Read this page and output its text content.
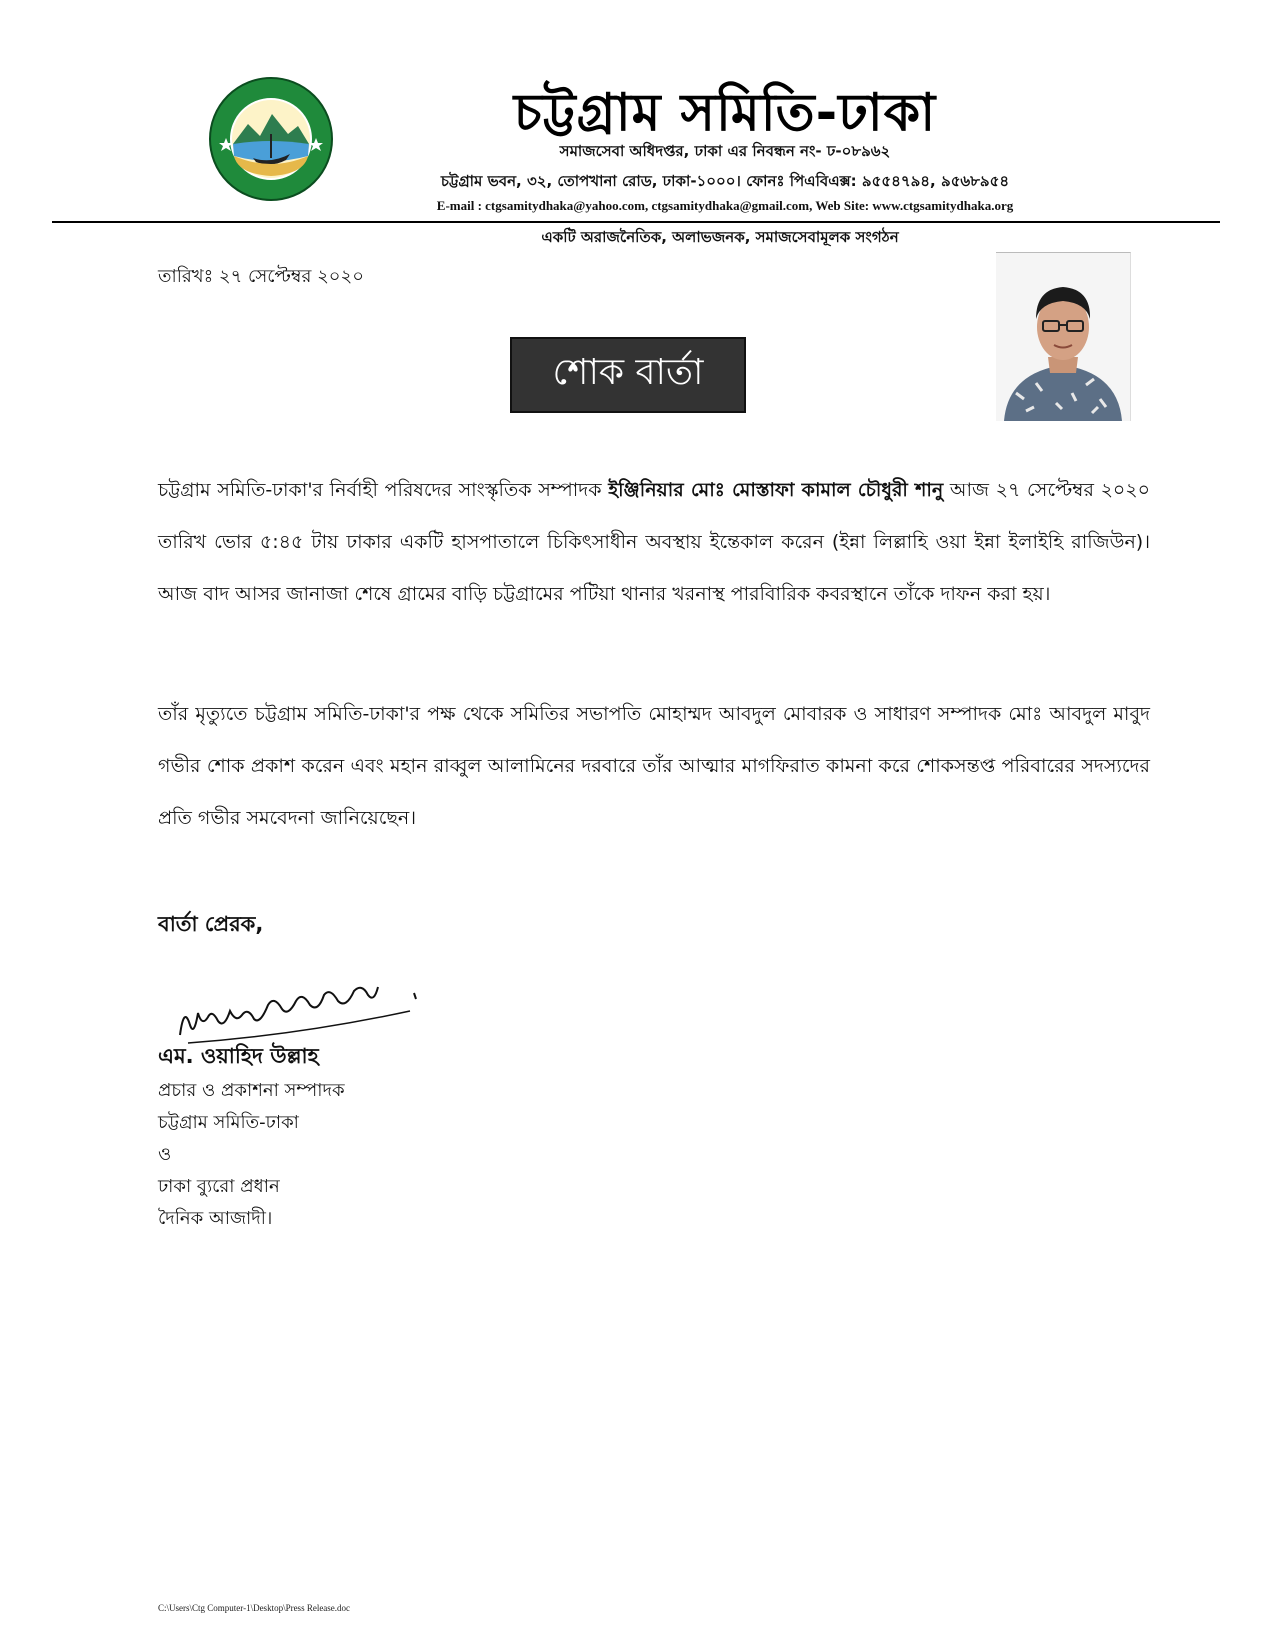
চট্টগ্রাম সমিতি-ঢাকা
সমাজসেবা অধিদপ্তর, ঢাকা এর নিবন্ধন নং- ঢ-০৮৯৬২
চট্টগ্রাম ভবন, ৩২, তোপখানা রোড, ঢাকা-১০০০। ফোনঃ পিএবিএক্স: ৯৫৫৪৭৯৪, ৯৫৬৮৯৫৪
E-mail : ctgsamitydhaka@yahoo.com, ctgsamitydhaka@gmail.com, Web Site: www.ctgsamitydhaka.org
একটি অরাজনৈতিক, অলাভজনক, সমাজসেবামূলক সংগঠন
তারিখঃ ২৭ সেপ্টেম্বর ২০২০
শোক বার্তা

চট্টগ্রাম সমিতি-ঢাকা'র নির্বাহী পরিষদের সাংস্কৃতিক সম্পাদক ইঞ্জিনিয়ার মোঃ মোস্তাফা কামাল চৌধুরী শানু আজ ২৭ সেপ্টেম্বর ২০২০ তারিখ ভোর ৫:৪৫ টায় ঢাকার একটি হাসপাতালে চিকিৎসাধীন অবস্থায় ইন্তেকাল করেন (ইন্না লিল্লাহি ওয়া ইন্না ইলাইহি রাজিউন)। আজ বাদ আসর জানাজা শেষে গ্রামের বাড়ি চট্টগ্রামের পটিয়া থানার খরনাস্থ পারবিারিক কবরস্থানে তাঁকে দাফন করা হয়।

তাঁর মৃত্যুতে চট্টগ্রাম সমিতি-ঢাকা'র পক্ষ থেকে সমিতির সভাপতি মোহাম্মদ আবদুল মোবারক ও সাধারণ সম্পাদক মোঃ আবদুল মাবুদ গভীর শোক প্রকাশ করেন এবং মহান রাব্বুল আলামিনের দরবারে তাঁর আত্মার মাগফিরাত কামনা করে শোকসন্তপ্ত পরিবারের সদস্যদের প্রতি গভীর সমবেদনা জানিয়েছেন।

বার্তা প্রেরক,
এম. ওয়াহিদ উল্লাহ
প্রচার ও প্রকাশনা সম্পাদক
চট্টগ্রাম সমিতি-ঢাকা
ও
ঢাকা ব্যুরো প্রধান
দৈনিক আজাদী।
C:\Users\Ctg Computer-1\Desktop\Press Release.doc
